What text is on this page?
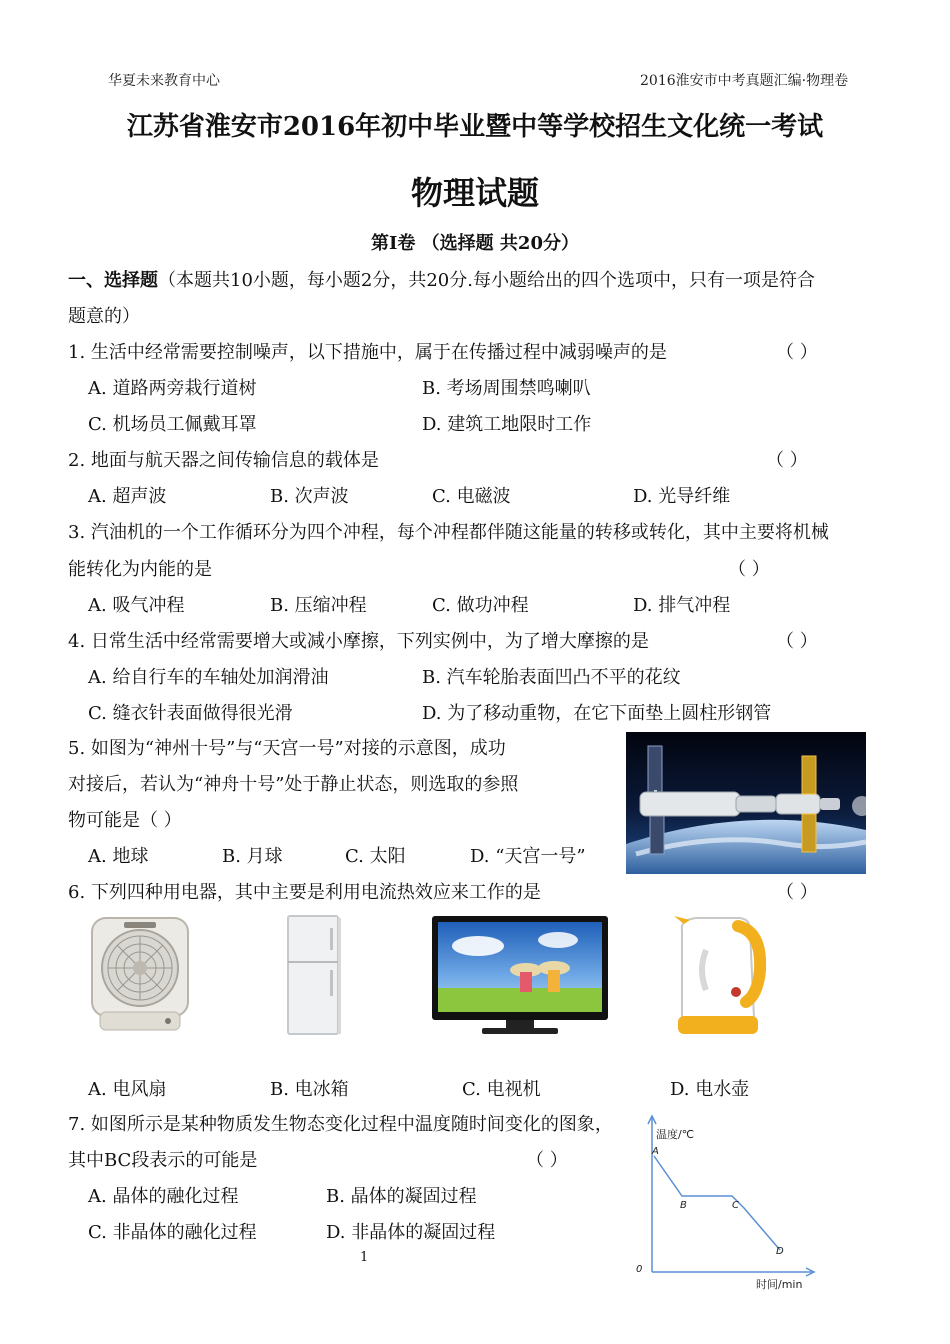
华夏未来教育中心	2016淮安市中考真题汇编·物理卷
江苏省淮安市2016年初中毕业暨中等学校招生文化统一考试
物理试题
第Ⅰ卷 （选择题 共20分）
一、选择题（本题共10小题，每小题2分，共20分.每小题给出的四个选项中，只有一项是符合
题意的）
1. 生活中经常需要控制噪声，以下措施中，属于在传播过程中减弱噪声的是	（ ）
A. 道路两旁栽行道树	B. 考场周围禁鸣喇叭
C. 机场员工佩戴耳罩	D. 建筑工地限时工作
2. 地面与航天器之间传输信息的载体是	（ ）
A. 超声波	B. 次声波	C. 电磁波	D. 光导纤维
3. 汽油机的一个工作循环分为四个冲程，每个冲程都伴随这能量的转移或转化，其中主要将机械
能转化为内能的是	（ ）
A. 吸气冲程	B. 压缩冲程	C. 做功冲程	D. 排气冲程
4. 日常生活中经常需要增大或减小摩擦，下列实例中，为了增大摩擦的是	（ ）
A. 给自行车的车轴处加润滑油	B. 汽车轮胎表面凹凸不平的花纹
C. 缝衣针表面做得很光滑	D. 为了移动重物，在它下面垫上圆柱形钢管
5. 如图为“神州十号”与“天宫一号”对接的示意图，成功
对接后，若认为“神舟十号”处于静止状态，则选取的参照
物可能是（ ）
A. 地球	B. 月球	C. 太阳	D. “天宫一号”
6. 下列四种用电器，其中主要是利用电流热效应来工作的是	（ ）
A. 电风扇	B. 电冰箱	C. 电视机	D. 电水壶
7. 如图所示是某种物质发生物态变化过程中温度随时间变化的图象，
其中BC段表示的可能是	（ ）
A. 晶体的融化过程	B. 晶体的凝固过程
C. 非晶体的融化过程	D. 非晶体的凝固过程
温度/℃
时间/min
0
A
B	C
D
1
